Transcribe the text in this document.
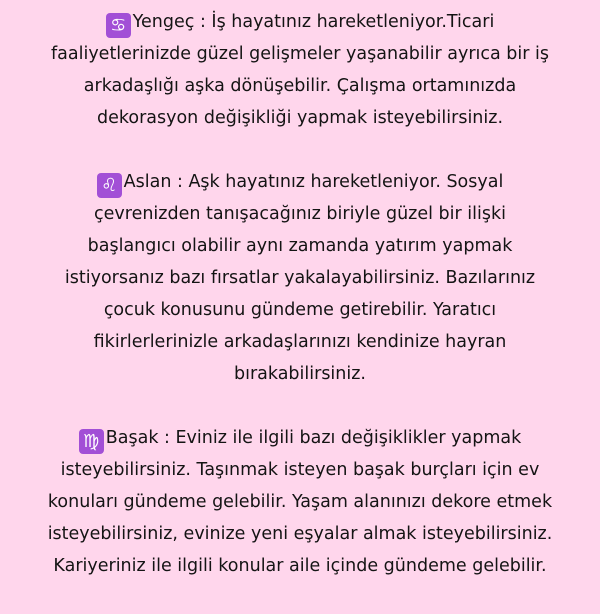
♋ Yengeç : İş hayatınız hareketleniyor.Ticari
faaliyetlerinizde güzel gelişmeler yaşanabilir ayrıca bir iş
arkadaşlığı aşka dönüşebilir. Çalışma ortamınızda
dekorasyon değişikliği yapmak isteyebilirsiniz.
♌ Aslan : Aşk hayatınız hareketleniyor. Sosyal
çevrenizden tanışacağınız biriyle güzel bir ilişki
başlangıcı olabilir aynı zamanda yatırım yapmak
istiyorsanız bazı fırsatlar yakalayabilirsiniz. Bazılarınız
çocuk konusunu gündeme getirebilir. Yaratıcı
fikirlerlerinizle arkadaşlarınızı kendinize hayran
bırakabilirsiniz.
♍ Başak : Eviniz ile ilgili bazı değişiklikler yapmak
isteyebilirsiniz. Taşınmak isteyen başak burçları için ev
konuları gündeme gelebilir. Yaşam alanınızı dekore etmek
isteyebilirsiniz, evinize yeni eşyalar almak isteyebilirsiniz.
Kariyeriniz ile ilgili konular aile içinde gündeme gelebilir.
